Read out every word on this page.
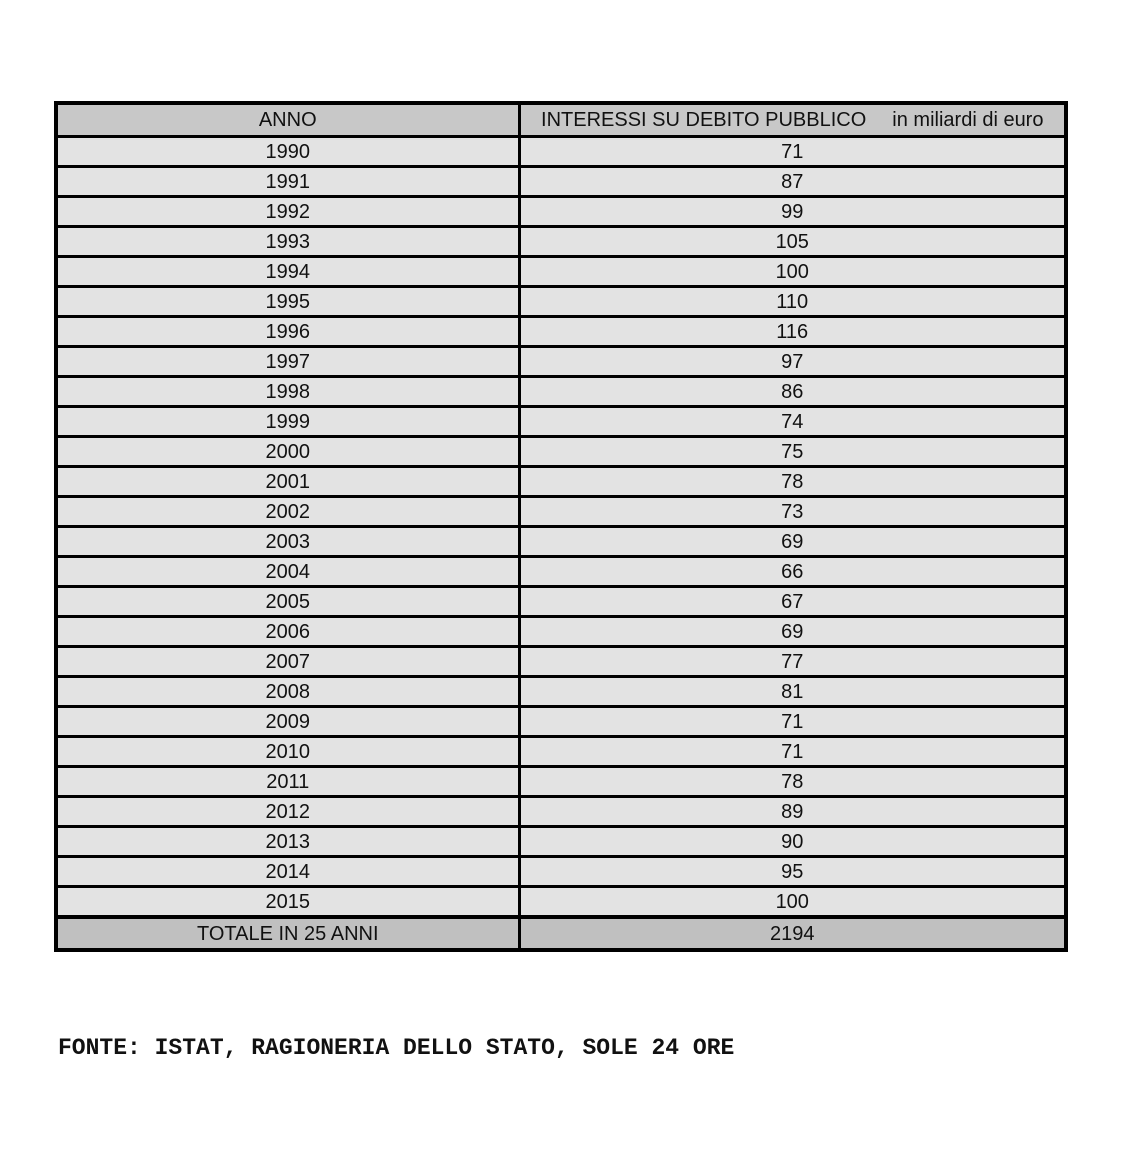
ANNO	INTERESSI SU DEBITO PUBBLICO in miliardi di euro
1990	71
1991	87
1992	99
1993	105
1994	100
1995	110
1996	116
1997	97
1998	86
1999	74
2000	75
2001	78
2002	73
2003	69
2004	66
2005	67
2006	69
2007	77
2008	81
2009	71
2010	71
2011	78
2012	89
2013	90
2014	95
2015	100
TOTALE IN 25 ANNI	2194
FONTE: ISTAT, RAGIONERIA DELLO STATO, SOLE 24 ORE
